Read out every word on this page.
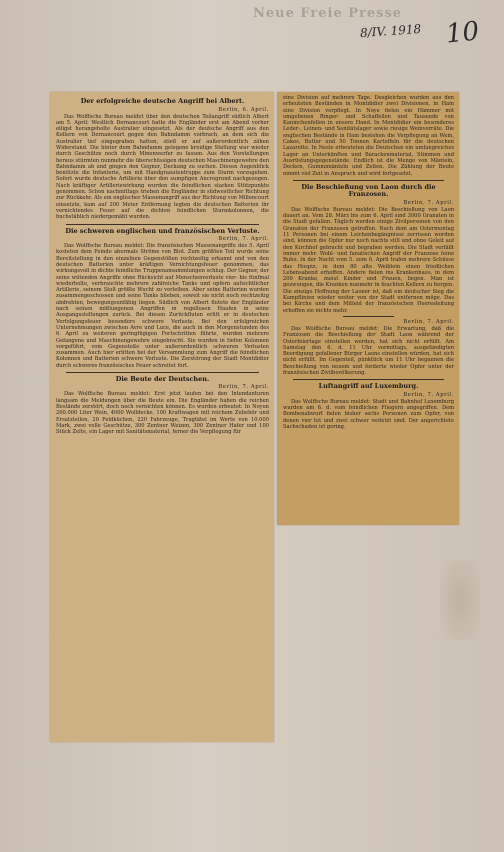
Neue Freie Presse
8/IV. 1918 10
Der erfolgreiche deutsche Angriff bei Albert.
Berlin, 6. April.

Das Wolffsche Bureau meldet über den deutschen Teilangriff südlich Albert am 5. April: Westlich Dernancourt hatte die Engländer erst am Abend vorher eiligst herangeholte Australier eingesetzt. Als der deutsche Angriff aus den Kellern von Dernancourt gegen den Bahndamm vorbrach, an dem sich die Australier tief eingegraben hatten, stieß er auf außerordentlich zähen Widerstand. Die hinter dem Bahndamm gelegene kreidige Stellung war wieder durch Geschütze noch durch Minenwerfer zu fassen. Aus den Vorstellungen heraus stürmten nunmehr die überschüssigen deutschen Maschinengewehre den Bahndamm ab und gingen den Gegner, Deckung zu suchen. Diesen Augenblick benützte die Infanterie, um mit Handgranatentrupps zum Sturm vorzugehen. Sofort wurde deutsche Artillerie über den sumpfigen Ancregrund nachgezogen. Nach kräftiger Artilleriewirkung wurden die feindlichen starken Stützpunkte genommen. Schon nachmittags trieben die Engländer in südwestlicher Richtung zur Rückkehr. Als ein englischer Massenangriff aus der Richtung von Millencourt einsetzte, kam auf 200 Meter Entfernung legten die deutschen Batterien ihr vernichtendes Feuer auf die dichten feindlichen Sturmkolonnen, die buchstäblich niedergemäht wurden.

Die schweren englischen und französischen Verluste.
Berlin, 7. April.

Das Wolffsche Bureau meldet: Die französischen Massenangriffe des 5. April kosteten dem Feinde abermals Ströme von Blut. Zum größten Teil wurde seine Bereitstellung in den einzelnen Gegenstößen rechtzeitig erkannt und von den deutschen Batterien unter kräftigen Vernichtungsfeuer genommen, das wirkungsvoll in dichte feindliche Truppenansammlungen schlug. Der Gegner, der seine wütenden Angriffe ohne Rücksicht auf Menschenverluste vier- bis fünfmal wiederholte, verbrauchte mehrere zahlreiche Tanks und opfern aufsichtlicher Artillerie, seinem Stoß größte Wucht zu verleihen. Aber seine Batterien wurden zusammengeschossen und seine Tanks blieben, soweit sie nicht noch rechtzeitig abdrehten, bewegungsunfähig liegen. Südlich von Albert flutete der Engländer nach seinen mißlungenen Angriffen in regellosen Haufen in seine Ausgangsstellungen zurück. Bei diesen Zurückfluten erlitt er in deutschen Verfolgungsfeuer besonders schwere Verluste. Bei den erfolgreichen Unternehmungen zwischen Avre und Luce, die auch in den Morgenstunden des 6. April zu weiteren geringfügigen Fortschritten führte, wurden mehrere Gefangene und Maschinengewehre eingebracht. Sie wurden in tiefen Kolonnen vorgeführt, vom Gegenstoße unter außerordentlich schweren Verlusten zusammen. Auch hier erlitten bei der Versammlung zum Angriff die feindlichen Kolonnen und Batterien schwere Verluste. Die Zerstörung der Stadt Montdidier durch schweres französisches Feuer schreitet fort.

Die Beute der Deutschen.
Berlin, 7. April.

Das Wolffsche Bureau meldet: Erst jetzt laufen bei den Intendanturen langsam die Meldungen über die Beute ein. Die Engländer haben die reichen Bestände zerstört, doch noch vernichten können. Es wurden erbeutet: In Noyon 200.000 Liter Wein, 4000 Wolldecke, 100 Kraftwagen mit reichem Zubehör und Ersatzteilen, 20 Feldküchen, 220 Fahrzeuge, Tragtätel im Werte von 10.000 Mark, zwei volle Geschütze, 300 Zentner Weizen, 300 Zentner Hafer und 100 Stück Zelte, ein Lager mit Sanitätsmaterial, ferner die Verpflegung für

eine Division auf mehrere Tage. Desgleichen wurden aus den erbeuteten Beständen in Montdidier zwei Divisionen, in Ham eine Division verpflegt. In Noye fielen ein Hämmer mit umgebenen Ringer- und Schaffellen und Tausende von Kaninchenfellen in unsere Hand. In Montdidier ein besonderes Leder-, Leinen- und Sanitätslager sowie riesige Weinvorräte. Die englischen Bestände in Ham bestehen die Verpflegung an Wein, Cakes, Butter und 50 Tonnen Kartoffeln für die deutschen Lazarette. In Nesle erbeuteten die Deutschen ein umfangreiches Lager an Unterkünften und Barackenmaterial, Stimmen und Ausrüstungsgegenstände. Endlich ist die Menge von Mänteln, Decken, Gummimänteln und Zelten. Die Zählung der Beute nimmt viel Zeit in Anspruch und wird fortgesetzt.

Die Beschießung von Laon durch die Franzosen.
Berlin, 7. April.

Das Wolffsche Bureau meldet: Die Beschießung von Laon dauert an. Vom 28. März bis zum 6. April sind 3000 Granaten in die Stadt gefallen. Täglich werden einige Zivilpersonen von den Granaten der Franzosen getroffen. Nach dem am Ostermontag 11 Personen bei einem Leichenbegängnisse zerrissen worden sind, können die Opfer nur noch nachts still und ohne Geleit auf den Kirchhof gebracht und begraben werden. Die Stadt verfällt immer mehr. Wohl- und fanatischen Angriff der Franzose feine Ruhe. In der Nacht vom 5. zum 6. April trafen mehrere Schüsse das Hospiz, in dem 80 alte Weiblein einen friedlichen Lebensabend erhoffen. Andere fielen ins Krankenhaus, in dem 200 Kranke, meist Kinder und Frauen, liegen. Man ist gezwungen, die Kranken nunmehr in feuchten Kellern zu bergen. Die einzige Hoffnung der Laoner ist, daß ein deutscher Sieg die Kampflinien wieder weiter von der Stadt entfernen möge. Das bei Kirche und dem Mitleid der französischen Heeresleitung erhoffen sie nichts mehr.

Berlin, 7. April.

Das Wolffsche Bureau meldet: Die Erwartung, daß die Franzosen die Beschießung der Stadt Laon während der Osterfeiertage einstellen werden, hat sich nicht erfüllt. Am Samstag den 6. d. 11 Uhr vormittags, ausgefandigten Beerdigung gefallener Bürger Laons einstellen würden, hat sich nicht erfüllt. Im Gegenteil, pünktlich um 11 Uhr begannen die Beschießung von neuem und forderte wieder Opfer unter der französischen Zivilbevölkerung.

Luftangriff auf Luxemburg.
Berlin, 7. April.

Das Wolffsche Bureau meldet: Stadt und Bahnhof Luxemburg wurden am 6. d. vom feindlichen Fliegern angegriffen. Dem Bombenabwurf fielen bisher sechs Personen zum Opfer, von denen vier tot und zwei schwer verletzt sind. Der angerichtete Sachschaden ist gering.
